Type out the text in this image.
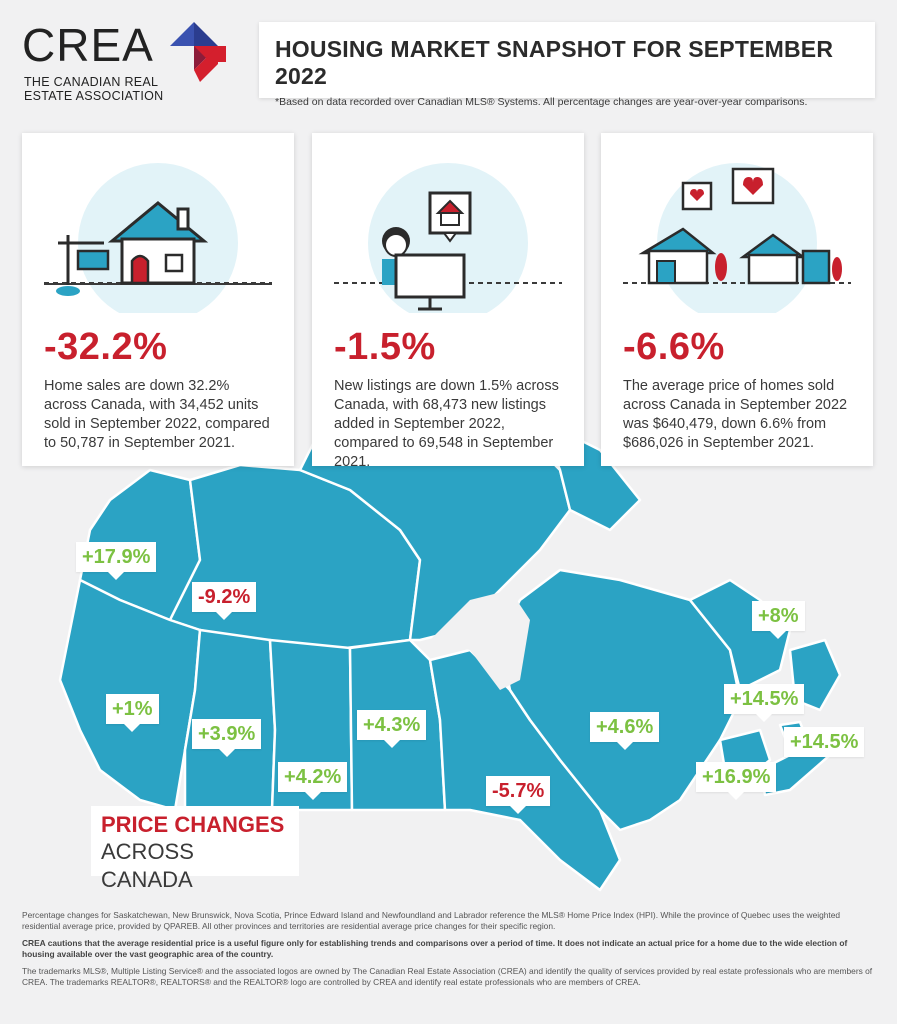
CREA
THE CANADIAN REAL ESTATE ASSOCIATION
HOUSING MARKET SNAPSHOT FOR SEPTEMBER 2022
*Based on data recorded over Canadian MLS® Systems. All percentage changes are year-over-year comparisons.
-32.2%
Home sales are down 32.2% across Canada, with 34,452 units sold in September 2022, compared to 50,787 in September 2021.
-1.5%
New listings are down 1.5% across Canada, with 68,473 new listings added in September 2022, compared to 69,548 in September 2021.
-6.6%
The average price of homes sold across Canada in September 2022 was $640,479, down 6.6% from $686,026 in September 2021.
+17.9%
-9.2%
+1%
+3.9%
+4.2%
+4.3%
-5.7%
+4.6%
+8%
+14.5%
+14.5%
+16.9%
PRICE CHANGES
ACROSS CANADA

Percentage changes for Saskatchewan, New Brunswick, Nova Scotia, Prince Edward Island and Newfoundland and Labrador reference the MLS® Home Price Index (HPI). While the province of Quebec uses the weighted residential average price, provided by QPAREB. All other provinces and territories are residential average price changes for their specific region.

CREA cautions that the average residential price is a useful figure only for establishing trends and comparisons over a period of time. It does not indicate an actual price for a home due to the wide election of housing available over the vast geographic area of the country.

The trademarks MLS®, Multiple Listing Service® and the associated logos are owned by The Canadian Real Estate Association (CREA) and identify the quality of services provided by real estate professionals who are members of CREA. The trademarks REALTOR®, REALTORS® and the REALTOR® logo are controlled by CREA and identify real estate professionals who are members of CREA.
